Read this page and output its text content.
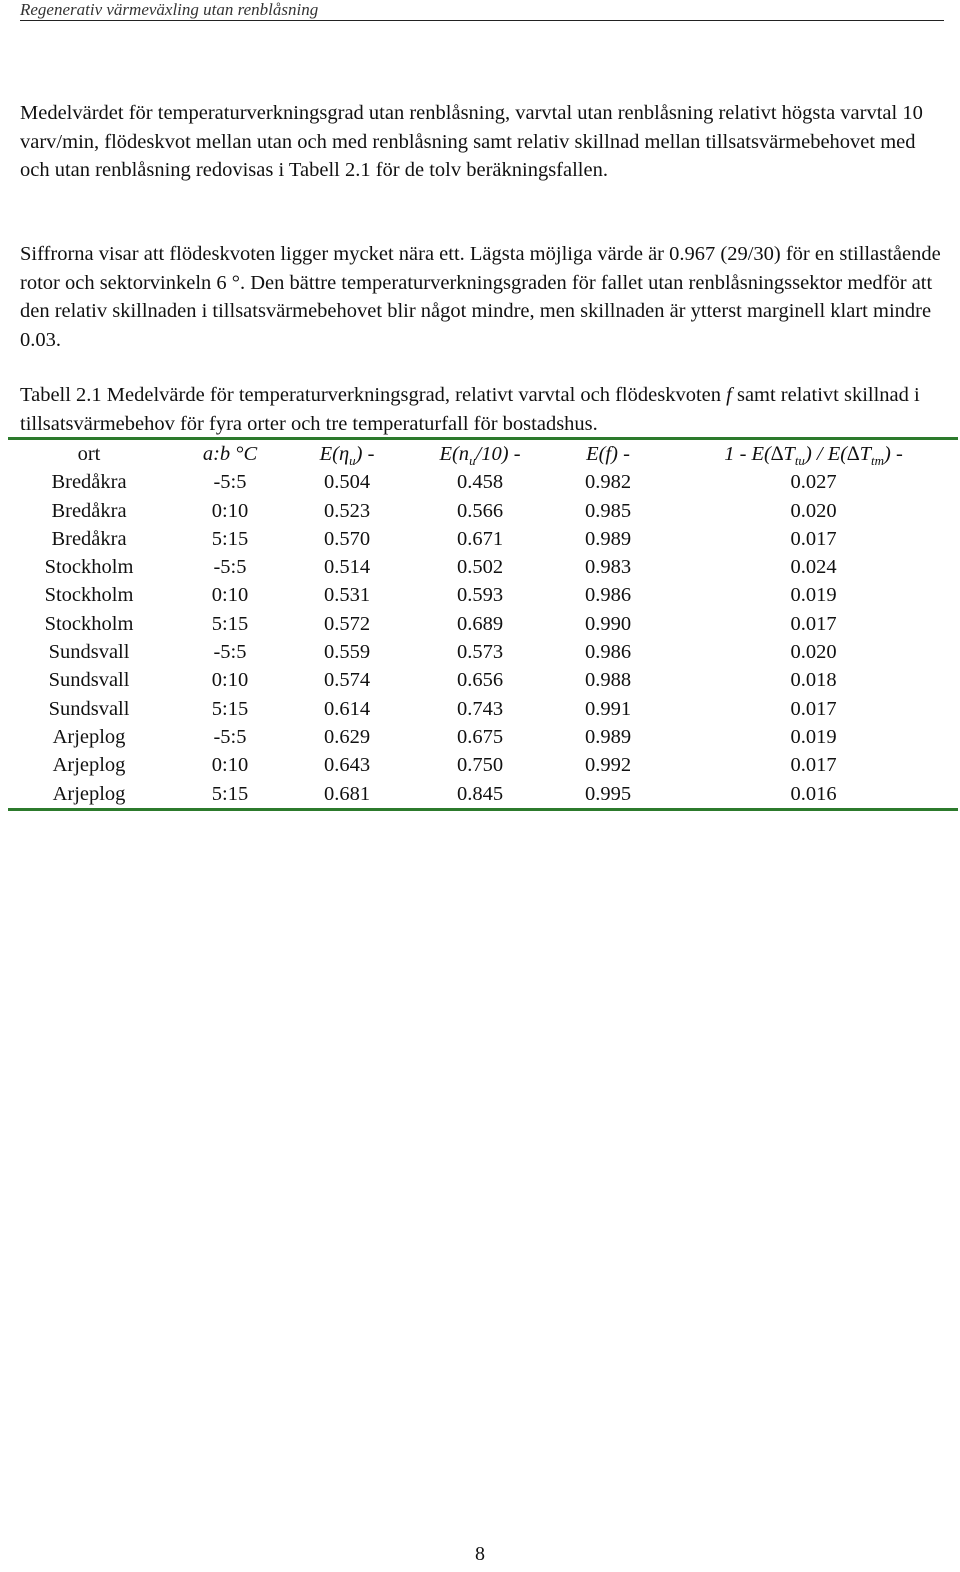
Regenerativ värmeväxling utan renblåsning

Medelvärdet för temperaturverkningsgrad utan renblåsning, varvtal utan renblåsning relativt högsta varvtal 10 varv/min, flödeskvot mellan utan och med renblåsning samt relativ skillnad mellan tillsatsvärmebehovet med och utan renblåsning redovisas i Tabell 2.1 för de tolv beräkningsfallen.

Siffrorna visar att flödeskvoten ligger mycket nära ett. Lägsta möjliga värde är 0.967 (29/30) för en stillastående rotor och sektorvinkeln 6 °. Den bättre temperaturverkningsgraden för fallet utan renblåsningssektor medför att den relativ skillnaden i tillsatsvärmebehovet blir något mindre, men skillnaden är ytterst marginell klart mindre 0.03.

Tabell 2.1 Medelvärde för temperaturverkningsgrad, relativt varvtal och flödeskvoten f samt relativt skillnad i tillsatsvärmebehov för fyra orter och tre temperaturfall för bostadshus.

ort	a:b °C	$E(\eta_u)$ -	$E(n_u/10)$ -	E(f) -	$1 - E(\Delta T_{tu}) / E(\Delta T_{tm})$ -
Bredåkra	-5:5	0.504	0.458	0.982	0.027
Bredåkra	0:10	0.523	0.566	0.985	0.020
Bredåkra	5:15	0.570	0.671	0.989	0.017
Stockholm	-5:5	0.514	0.502	0.983	0.024
Stockholm	0:10	0.531	0.593	0.986	0.019
Stockholm	5:15	0.572	0.689	0.990	0.017
Sundsvall	-5:5	0.559	0.573	0.986	0.020
Sundsvall	0:10	0.574	0.656	0.988	0.018
Sundsvall	5:15	0.614	0.743	0.991	0.017
Arjeplog	-5:5	0.629	0.675	0.989	0.019
Arjeplog	0:10	0.643	0.750	0.992	0.017
Arjeplog	5:15	0.681	0.845	0.995	0.016
8
